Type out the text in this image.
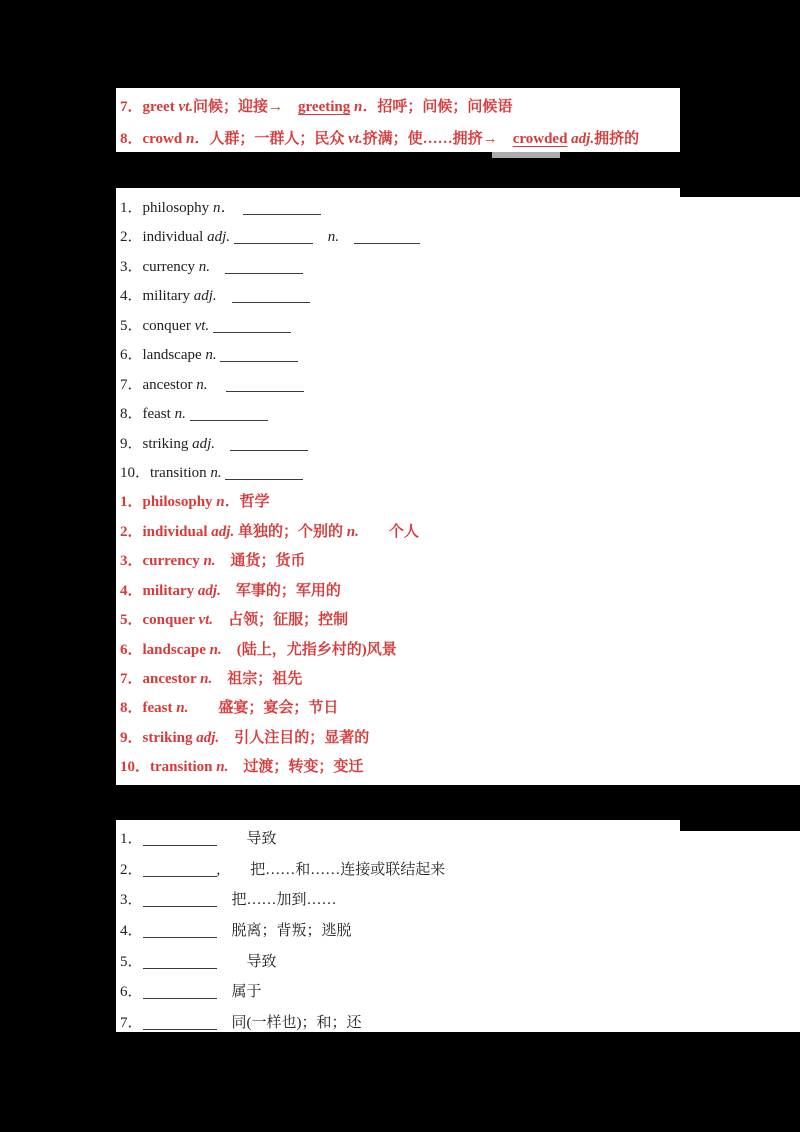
7．greet vt.问候；迎接→　greeting n．招呼；问候；问候语
8．crowd n．人群；一群人；民众 vt.挤满；使……拥挤→　crowded adj.拥挤的
1．philosophy n．　
2．individual adj. 　	n.　
3．currency n.　
4．military adj.　
5．conquer vt.
6．landscape n.
7．ancestor n.　
8．feast n.
9．striking adj.　
10．transition n.
1．philosophy n．哲学
2．individual adj. 单独的；个别的 n.　　个人
3．currency n.　通货；货币
4．military adj.　军事的；军用的
5．conquer vt.　占领；征服；控制
6．landscape n.　(陆上，尤指乡村的)风景
7．ancestor n.　祖宗；祖先
8．feast n.　　盛宴；宴会；节日
9．striking adj.　引人注目的；显著的
10．transition n.　过渡；转变；变迁
1．	　　导致
2．	,　　把……和……连接或联结起来
3．	　把……加到……
4．	　脱离；背叛；逃脱
5．	　　导致
6．	　属于
7．	　同(一样也)；和；还
